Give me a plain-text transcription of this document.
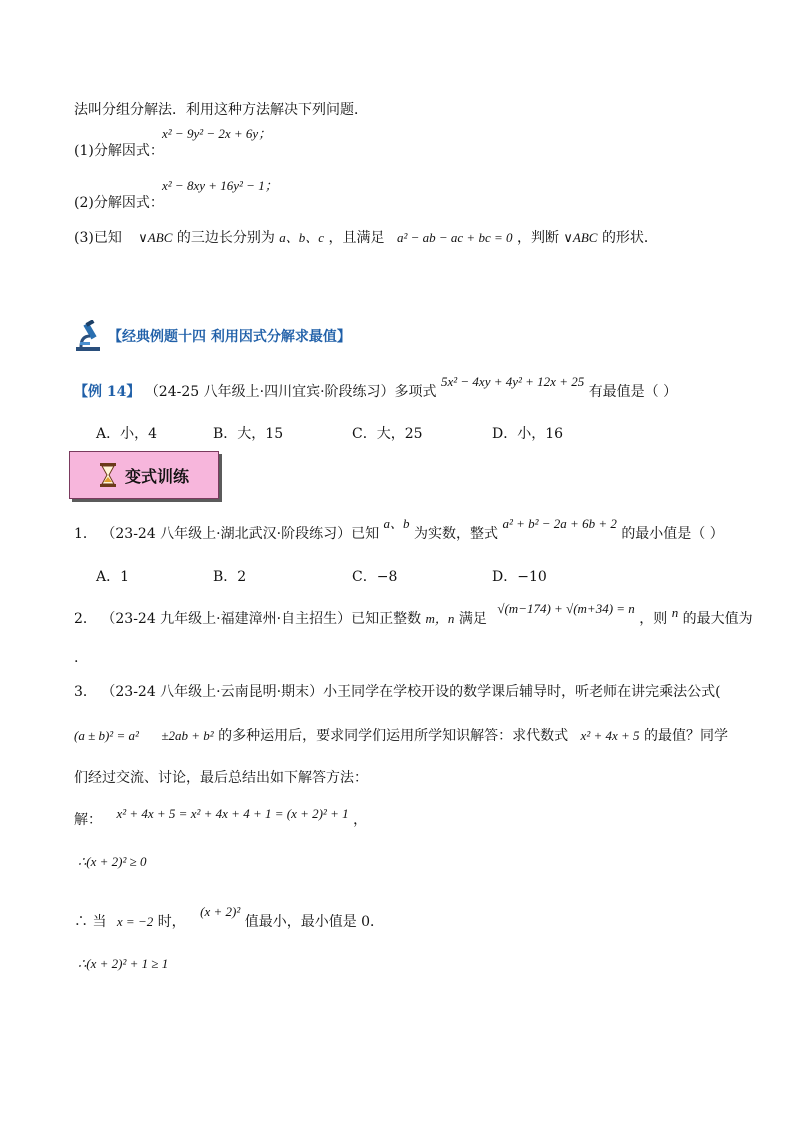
法叫分组分解法．利用这种方法解决下列问题．
x² − 9y² − 2x + 6y；
(1)分解因式：
x² − 8xy + 16y² − 1；
(2)分解因式：
(3)已知 ∨ABC 的三边长分别为 a、b、c ，且满足 a² − ab − ac + bc = 0 ，判断 ∨ABC 的形状．
【经典例题十四 利用因式分解求最值】
【例 14】 （24-25 八年级上·四川宜宾·阶段练习）多项式 5x² − 4xy + 4y² + 12x + 25 有最值是（ ）
A．小，4	B．大，15	C．大，25	D．小，16
变式训练
1． （23-24 八年级上·湖北武汉·阶段练习）已知 a、b 为实数，整式 a² + b² − 2a + 6b + 2 的最小值是（ ）
A．1	B．2	C．−8	D．−10
2． （23-24 九年级上·福建漳州·自主招生）已知正整数 m，n 满足 √(m−174) + √(m+34) = n ，则 n 的最大值为
.
3． （23-24 八年级上·云南昆明·期末）小王同学在学校开设的数学课后辅导时，听老师在讲完乘法公式(
(a ± b)² = a² ±2ab + b² 的多种运用后，要求同学们运用所学知识解答：求代数式 x² + 4x + 5 的最值？同学
们经过交流、讨论，最后总结出如下解答方法：
解： x² + 4x + 5 = x² + 4x + 4 + 1 = (x + 2)² + 1 ，
∴(x + 2)² ≥ 0
∴ 当 x = −2 时， (x + 2)² 值最小，最小值是 0．
∴(x + 2)² + 1 ≥ 1
